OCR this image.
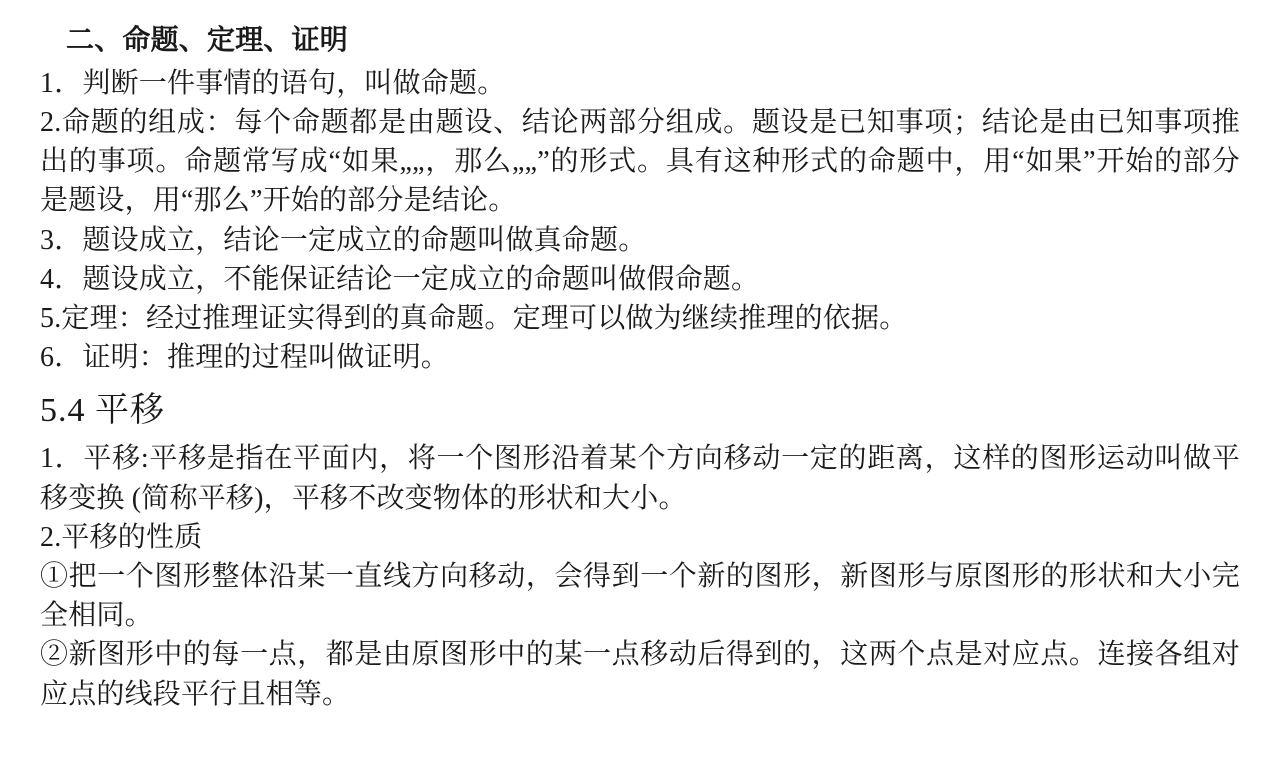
二、命题、定理、证明

1．判断一件事情的语句，叫做命题。

2.命题的组成：每个命题都是由题设、结论两部分组成。题设是已知事项；结论是由已知事项推出的事项。命题常写成“如果„„，那么„„”的形式。具有这种形式的命题中，用“如果”开始的部分是题设，用“那么”开始的部分是结论。

3．题设成立，结论一定成立的命题叫做真命题。

4．题设成立，不能保证结论一定成立的命题叫做假命题。

5.定理：经过推理证实得到的真命题。定理可以做为继续推理的依据。

6．证明：推理的过程叫做证明。

5.4 平移

1．平移:平移是指在平面内，将一个图形沿着某个方向移动一定的距离，这样的图形运动叫做平移变换 (简称平移)，平移不改变物体的形状和大小。

2.平移的性质

①把一个图形整体沿某一直线方向移动，会得到一个新的图形，新图形与原图形的形状和大小完全相同。

②新图形中的每一点，都是由原图形中的某一点移动后得到的，这两个点是对应点。连接各组对应点的线段平行且相等。
